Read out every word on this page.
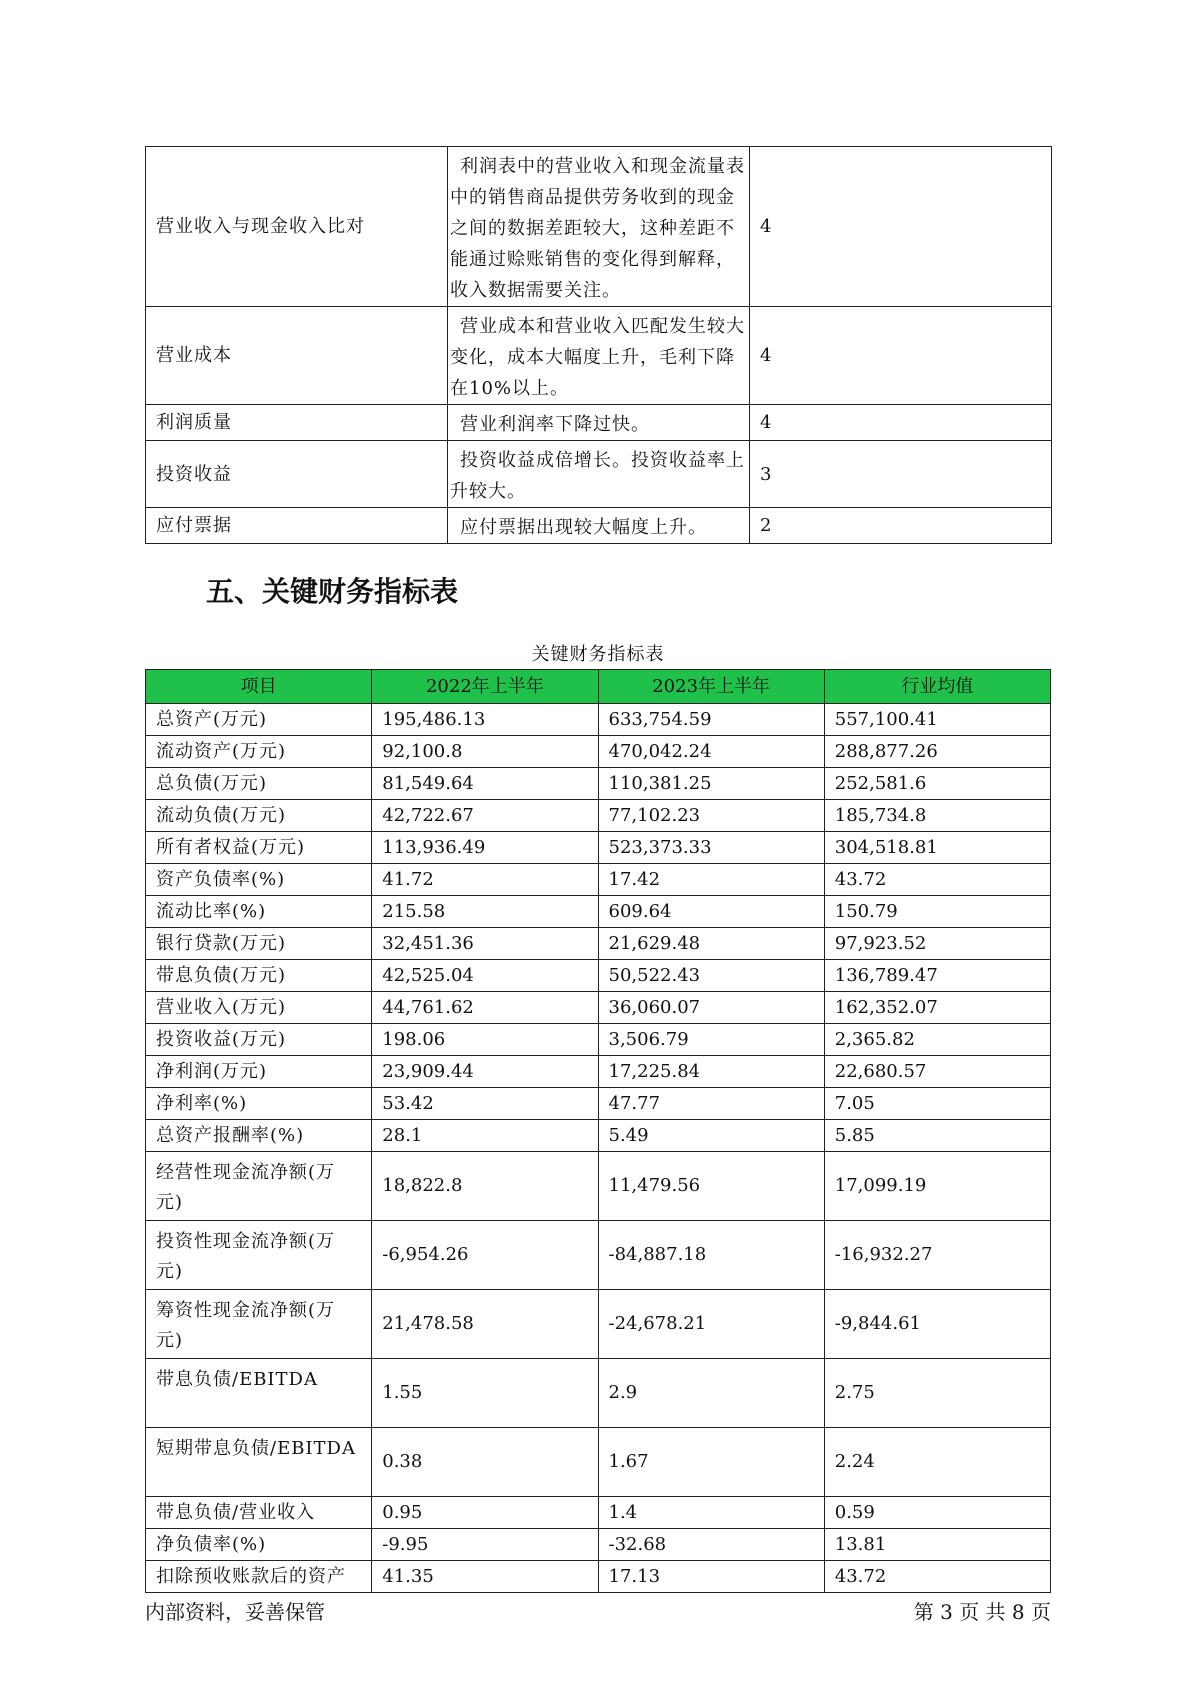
营业收入与现金收入比对	利润表中的营业收入和现金流量表中的销售商品提供劳务收到的现金之间的数据差距较大，这种差距不能通过赊账销售的变化得到解释，收入数据需要关注。	4
营业成本	营业成本和营业收入匹配发生较大变化，成本大幅度上升，毛利下降在10%以上。	4
利润质量	营业利润率下降过快。	4
投资收益	投资收益成倍增长。投资收益率上升较大。	3
应付票据	应付票据出现较大幅度上升。	2
五、关键财务指标表
关键财务指标表
项目	2022年上半年	2023年上半年	行业均值
总资产(万元)	195,486.13	633,754.59	557,100.41
流动资产(万元)	92,100.8	470,042.24	288,877.26
总负债(万元)	81,549.64	110,381.25	252,581.6
流动负债(万元)	42,722.67	77,102.23	185,734.8
所有者权益(万元)	113,936.49	523,373.33	304,518.81
资产负债率(%)	41.72	17.42	43.72
流动比率(%)	215.58	609.64	150.79
银行贷款(万元)	32,451.36	21,629.48	97,923.52
带息负债(万元)	42,525.04	50,522.43	136,789.47
营业收入(万元)	44,761.62	36,060.07	162,352.07
投资收益(万元)	198.06	3,506.79	2,365.82
净利润(万元)	23,909.44	17,225.84	22,680.57
净利率(%)	53.42	47.77	7.05
总资产报酬率(%)	28.1	5.49	5.85
经营性现金流净额(万元)	18,822.8	11,479.56	17,099.19
投资性现金流净额(万元)	-6,954.26	-84,887.18	-16,932.27
筹资性现金流净额(万元)	21,478.58	-24,678.21	-9,844.61
带息负债/EBITDA	1.55	2.9	2.75
短期带息负债/EBITDA	0.38	1.67	2.24
带息负债/营业收入	0.95	1.4	0.59
净负债率(%)	-9.95	-32.68	13.81
扣除预收账款后的资产	41.35	17.13	43.72
内部资料，妥善保管	第 3 页 共 8 页
